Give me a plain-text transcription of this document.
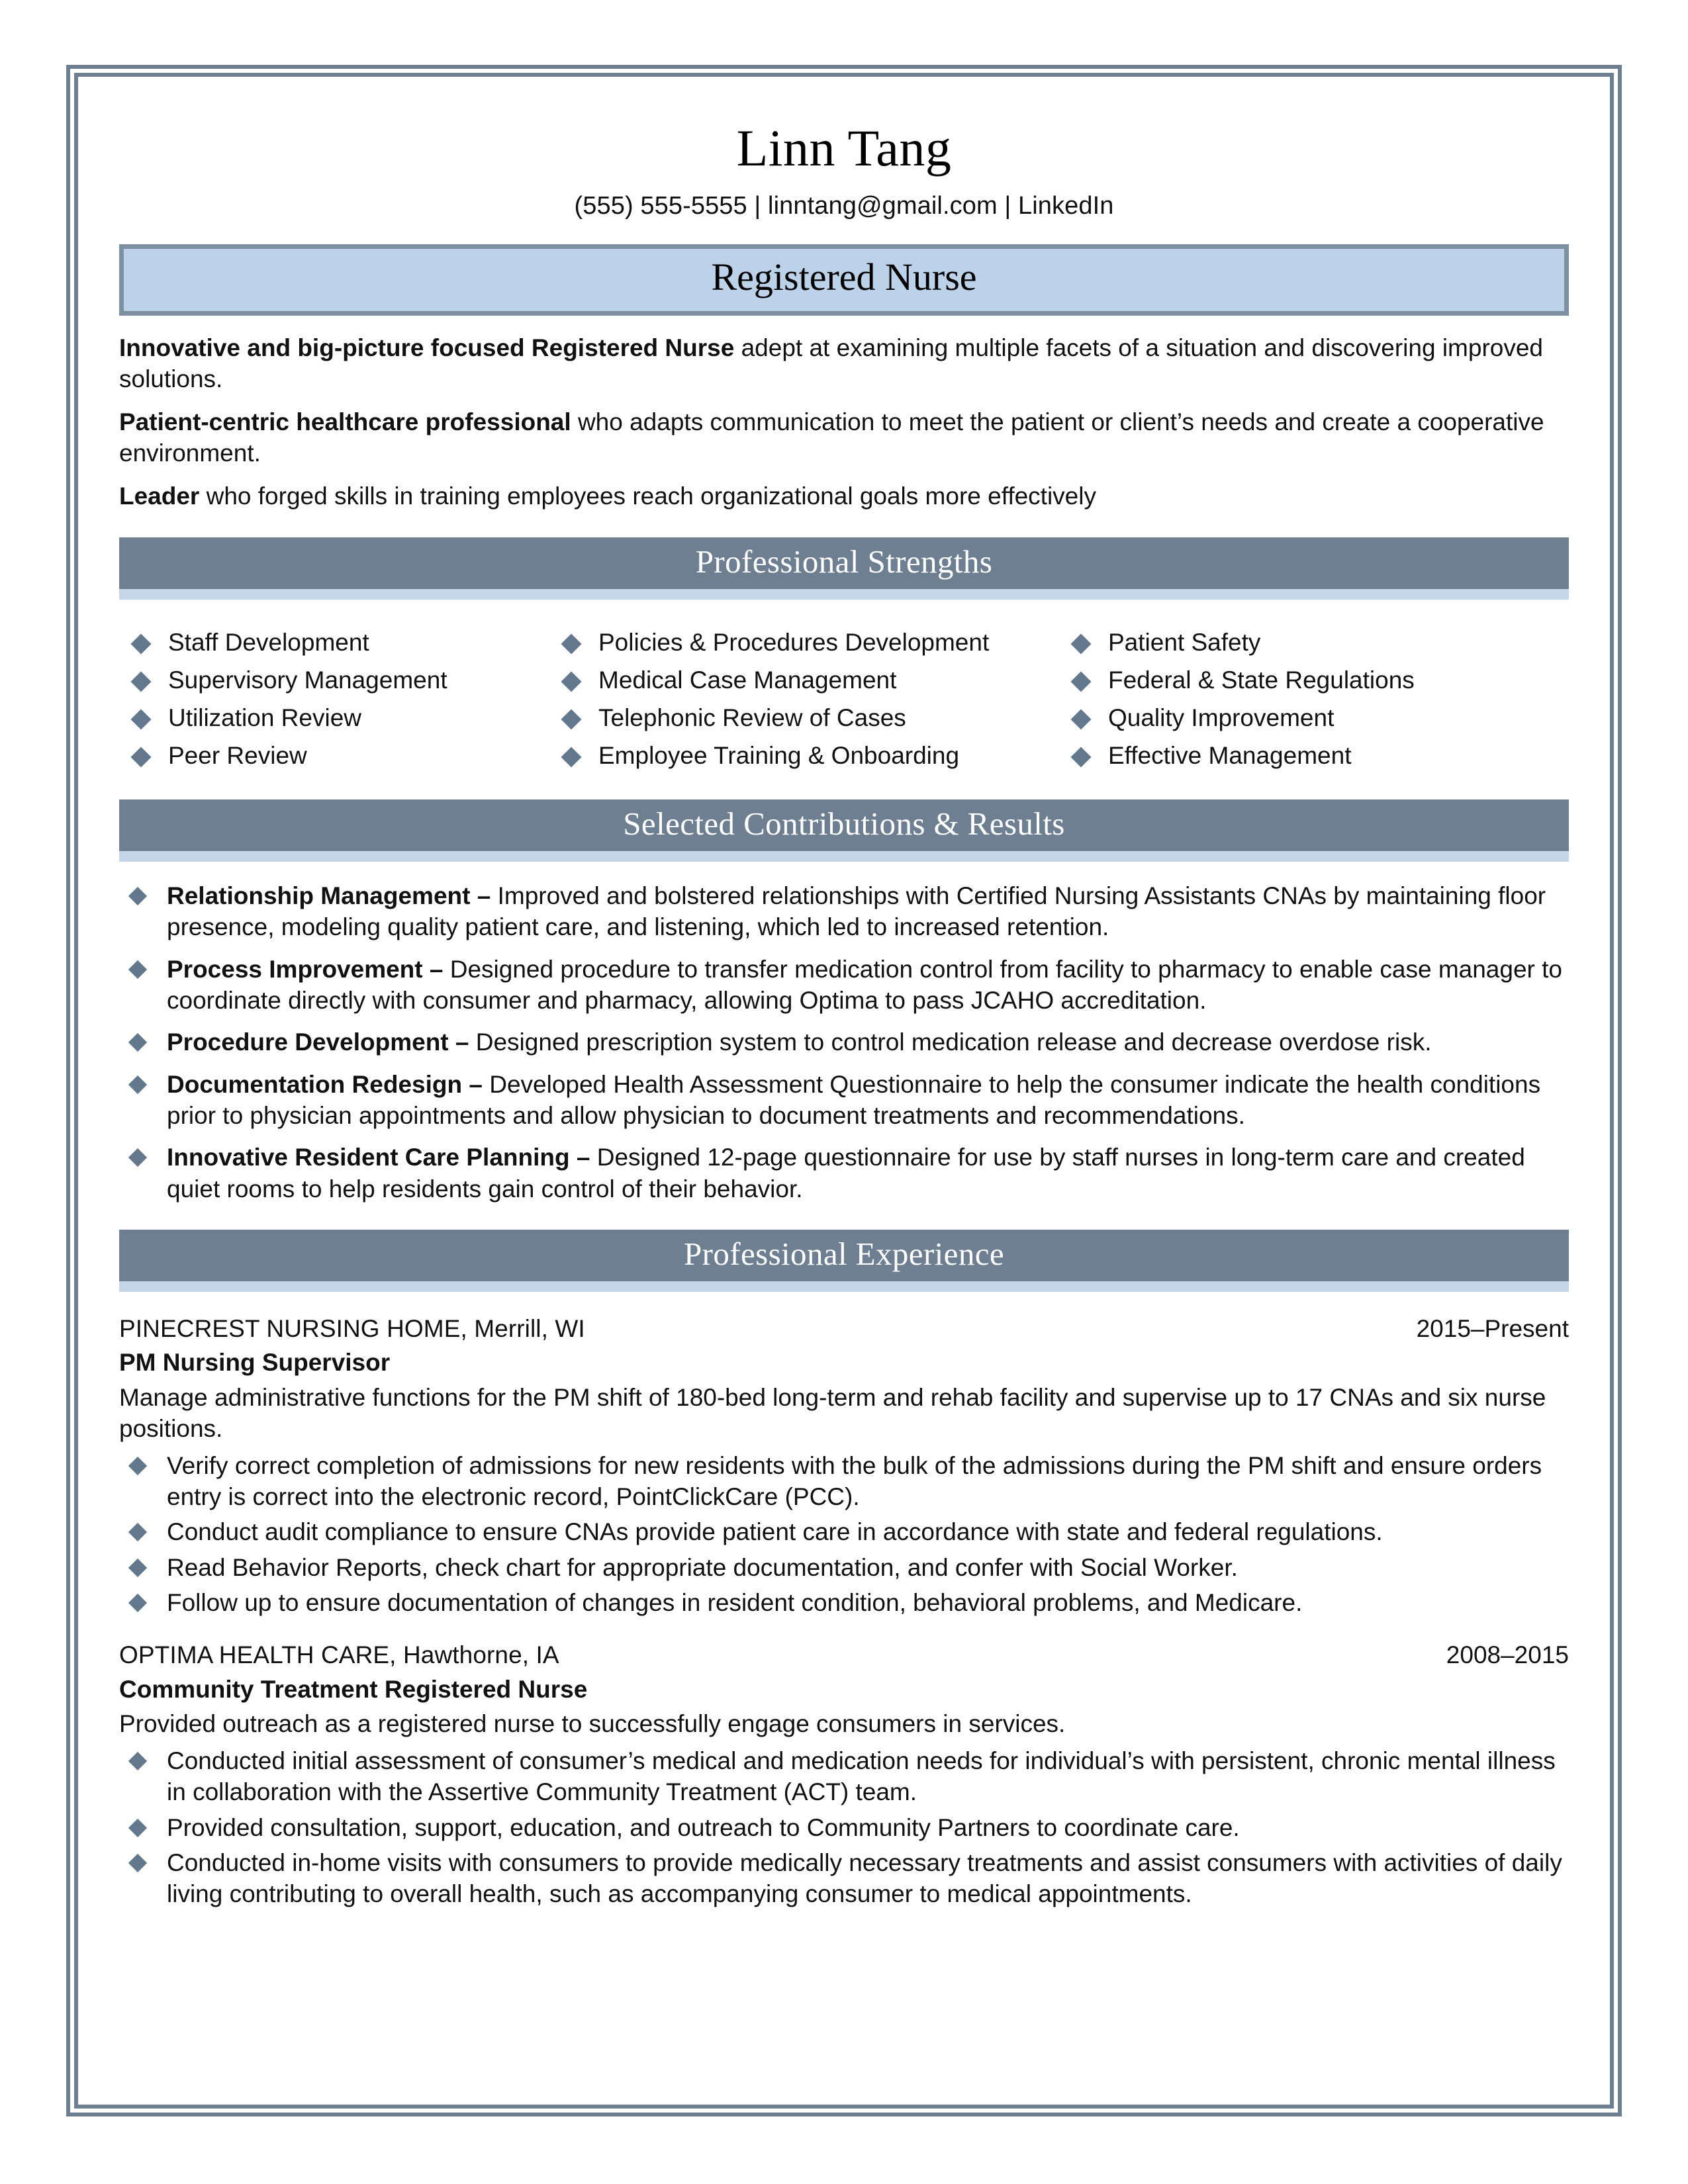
Linn Tang
(555) 555-5555 | linntang@gmail.com | LinkedIn
Registered Nurse

Innovative and big-picture focused Registered Nurse adept at examining multiple facets of a situation and discovering improved solutions.

Patient-centric healthcare professional who adapts communication to meet the patient or client’s needs and create a cooperative environment.

Leader who forged skills in training employees reach organizational goals more effectively

Professional Strengths
Staff Development	Policies & Procedures Development	Patient Safety
Supervisory Management	Medical Case Management	Federal & State Regulations
Utilization Review	Telephonic Review of Cases	Quality Improvement
Peer Review	Employee Training & Onboarding	Effective Management
Selected Contributions & Results
Relationship Management – Improved and bolstered relationships with Certified Nursing Assistants CNAs by maintaining floor presence, modeling quality patient care, and listening, which led to increased retention.
Process Improvement – Designed procedure to transfer medication control from facility to pharmacy to enable case manager to coordinate directly with consumer and pharmacy, allowing Optima to pass JCAHO accreditation.
Procedure Development – Designed prescription system to control medication release and decrease overdose risk.
Documentation Redesign – Developed Health Assessment Questionnaire to help the consumer indicate the health conditions prior to physician appointments and allow physician to document treatments and recommendations.
Innovative Resident Care Planning – Designed 12-page questionnaire for use by staff nurses in long-term care and created quiet rooms to help residents gain control of their behavior.
Professional Experience
PINECREST NURSING HOME, Merrill, WI	2015–Present
PM Nursing Supervisor
Manage administrative functions for the PM shift of 180-bed long-term and rehab facility and supervise up to 17 CNAs and six nurse positions.
Verify correct completion of admissions for new residents with the bulk of the admissions during the PM shift and ensure orders entry is correct into the electronic record, PointClickCare (PCC).
Conduct audit compliance to ensure CNAs provide patient care in accordance with state and federal regulations.
Read Behavior Reports, check chart for appropriate documentation, and confer with Social Worker.
Follow up to ensure documentation of changes in resident condition, behavioral problems, and Medicare.
OPTIMA HEALTH CARE, Hawthorne, IA	2008–2015
Community Treatment Registered Nurse
Provided outreach as a registered nurse to successfully engage consumers in services.
Conducted initial assessment of consumer’s medical and medication needs for individual’s with persistent, chronic mental illness in collaboration with the Assertive Community Treatment (ACT) team.
Provided consultation, support, education, and outreach to Community Partners to coordinate care.
Conducted in-home visits with consumers to provide medically necessary treatments and assist consumers with activities of daily living contributing to overall health, such as accompanying consumer to medical appointments.
